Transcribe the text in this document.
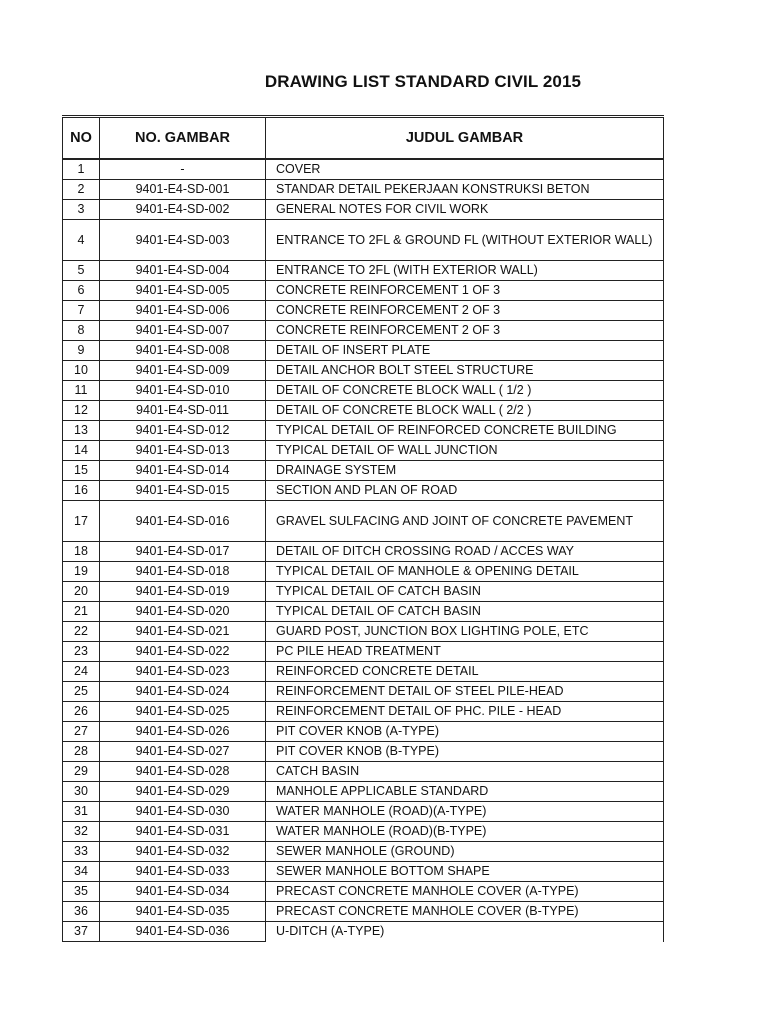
DRAWING LIST STANDARD CIVIL 2015
NO	NO. GAMBAR	JUDUL GAMBAR
1	-	COVER
2	9401-E4-SD-001	STANDAR DETAIL PEKERJAAN KONSTRUKSI BETON
3	9401-E4-SD-002	GENERAL NOTES FOR CIVIL WORK
4	9401-E4-SD-003	ENTRANCE TO 2FL & GROUND FL (WITHOUT EXTERIOR WALL)
5	9401-E4-SD-004	ENTRANCE TO 2FL (WITH EXTERIOR WALL)
6	9401-E4-SD-005	CONCRETE REINFORCEMENT 1 OF 3
7	9401-E4-SD-006	CONCRETE REINFORCEMENT 2 OF 3
8	9401-E4-SD-007	CONCRETE REINFORCEMENT 2 OF 3
9	9401-E4-SD-008	DETAIL OF INSERT PLATE
10	9401-E4-SD-009	DETAIL ANCHOR BOLT STEEL STRUCTURE
11	9401-E4-SD-010	DETAIL OF CONCRETE BLOCK WALL ( 1/2 )
12	9401-E4-SD-011	DETAIL OF CONCRETE BLOCK WALL ( 2/2 )
13	9401-E4-SD-012	TYPICAL DETAIL OF REINFORCED CONCRETE BUILDING
14	9401-E4-SD-013	TYPICAL DETAIL OF WALL JUNCTION
15	9401-E4-SD-014	DRAINAGE SYSTEM
16	9401-E4-SD-015	SECTION AND PLAN OF ROAD
17	9401-E4-SD-016	GRAVEL SULFACING AND JOINT OF CONCRETE PAVEMENT
18	9401-E4-SD-017	DETAIL OF DITCH CROSSING ROAD / ACCES WAY
19	9401-E4-SD-018	TYPICAL DETAIL OF MANHOLE & OPENING DETAIL
20	9401-E4-SD-019	TYPICAL DETAIL OF CATCH BASIN
21	9401-E4-SD-020	TYPICAL DETAIL OF CATCH BASIN
22	9401-E4-SD-021	GUARD POST, JUNCTION BOX LIGHTING POLE, ETC
23	9401-E4-SD-022	PC PILE HEAD TREATMENT
24	9401-E4-SD-023	REINFORCED CONCRETE DETAIL
25	9401-E4-SD-024	REINFORCEMENT DETAIL OF STEEL PILE-HEAD
26	9401-E4-SD-025	REINFORCEMENT DETAIL OF PHC. PILE - HEAD
27	9401-E4-SD-026	PIT COVER KNOB (A-TYPE)
28	9401-E4-SD-027	PIT COVER KNOB (B-TYPE)
29	9401-E4-SD-028	CATCH BASIN
30	9401-E4-SD-029	MANHOLE APPLICABLE STANDARD
31	9401-E4-SD-030	WATER MANHOLE (ROAD)(A-TYPE)
32	9401-E4-SD-031	WATER MANHOLE (ROAD)(B-TYPE)
33	9401-E4-SD-032	SEWER MANHOLE (GROUND)
34	9401-E4-SD-033	SEWER MANHOLE BOTTOM SHAPE
35	9401-E4-SD-034	PRECAST CONCRETE MANHOLE COVER (A-TYPE)
36	9401-E4-SD-035	PRECAST CONCRETE MANHOLE COVER (B-TYPE)
37	9401-E4-SD-036	U-DITCH (A-TYPE)
